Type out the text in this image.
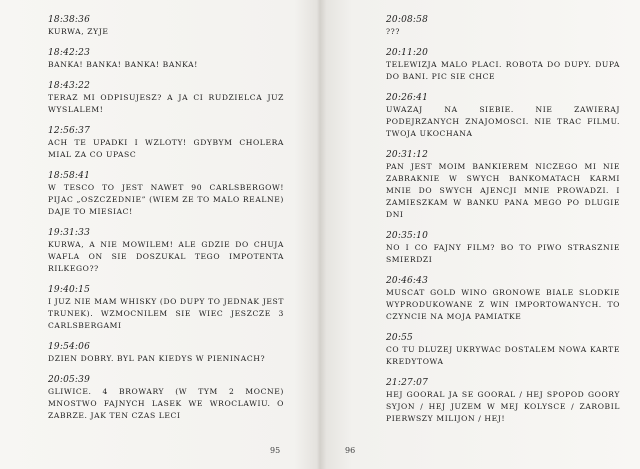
18:38:36
KURWA, ZYJE
18:42:23
BANKA! BANKA! BANKA! BANKA!
18:43:22
TERAZ MI ODPISUJESZ? A JA CI RUDZIELCA JUZ WYSLALEM!
12:56:37
ACH TE UPADKI I WZLOTY! GDYBYM CHOLERA MIAL ZA CO UPASC
18:58:41
W TESCO TO JEST NAWET 90 CARLSBERGOW! PIJAC „OSZCZEDNIE” (WIEM ZE TO MALO REALNE) DAJE TO MIESIAC!
19:31:33
KURWA, A NIE MOWILEM! ALE GDZIE DO CHUJA WAFLA ON SIE DOSZUKAL TEGO IMPOTENTA RILKEGO??
19:40:15
I JUZ NIE MAM WHISKY (DO DUPY TO JEDNAK JEST TRUNEK). WZMOCNILEM SIE WIEC JESZCZE 3 CARLSBERGAMI
19:54:06
DZIEN DOBRY. BYL PAN KIEDYS W PIENINACH?
20:05:39
GLIWICE. 4 BROWARY (W TYM 2 MOCNE) MNOSTWO FAJNYCH LASEK WE WROCLAWIU. O ZABRZE. JAK TEN CZAS LECI
95
20:08:58
???
20:11:20
TELEWIZJA MALO PLACI. ROBOTA DO DUPY. DUPA DO BANI. PIC SIE CHCE
20:26:41
UWAZAJ NA SIEBIE. NIE ZAWIERAJ PODEJRZANYCH ZNAJOMOSCI. NIE TRAC FILMU. TWOJA UKOCHANA
20:31:12
PAN JEST MOIM BANKIEREM NICZEGO MI NIE ZABRAKNIE W SWYCH BANKOMATACH KARMI MNIE DO SWYCH AJENCJI MNIE PROWADZI. I ZAMIESZKAM W BANKU PANA MEGO PO DLUGIE DNI
20:35:10
NO I CO FAJNY FILM? BO TO PIWO STRASZNIE SMIERDZI
20:46:43
MUSCAT GOLD WINO GRONOWE BIALE SLODKIE WYPRODUKOWANE Z WIN IMPORTOWANYCH. TO CZYNCIE NA MOJA PAMIATKE
20:55
CO TU DLUZEJ UKRYWAC DOSTALEM NOWA KARTE KREDYTOWA
21:27:07
HEJ GOORAL JA SE GOORAL / HEJ SPOPOD GOORY SYJON / HEJ JUZEM W MEJ KOLYSCE / ZAROBIL PIERWSZY MILIJON / HEJ!
96
